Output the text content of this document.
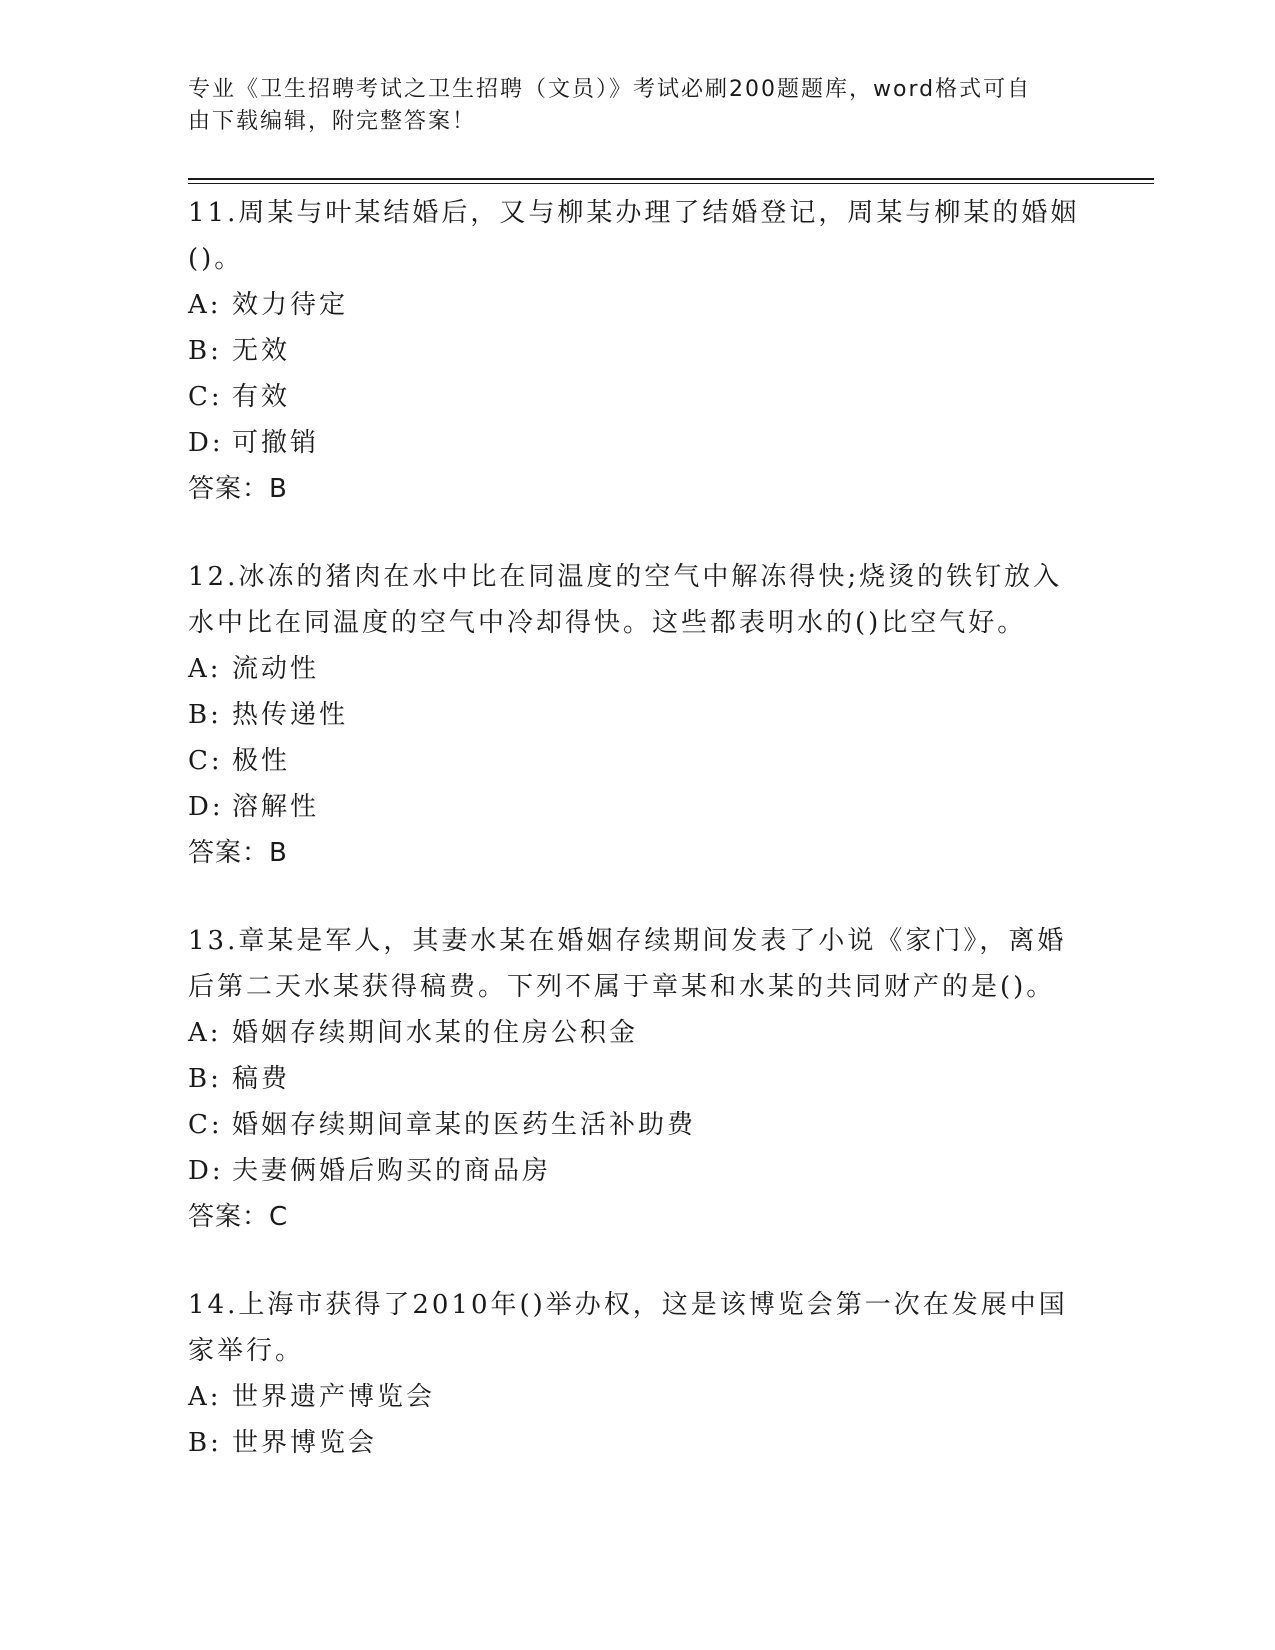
专业《卫生招聘考试之卫生招聘（文员）》考试必刷200题题库，word格式可自
由下载编辑，附完整答案！

11.周某与叶某结婚后，又与柳某办理了结婚登记，周某与柳某的婚姻

()。

A: 效力待定

B: 无效

C: 有效

D: 可撤销

答案：B

12.冰冻的猪肉在水中比在同温度的空气中解冻得快;烧烫的铁钉放入

水中比在同温度的空气中冷却得快。这些都表明水的()比空气好。

A: 流动性

B: 热传递性

C: 极性

D: 溶解性

答案：B

13.章某是军人，其妻水某在婚姻存续期间发表了小说《家门》，离婚

后第二天水某获得稿费。下列不属于章某和水某的共同财产的是()。

A: 婚姻存续期间水某的住房公积金

B: 稿费

C: 婚姻存续期间章某的医药生活补助费

D: 夫妻俩婚后购买的商品房

答案：C

14.上海市获得了2010年()举办权，这是该博览会第一次在发展中国

家举行。

A: 世界遗产博览会

B: 世界博览会
